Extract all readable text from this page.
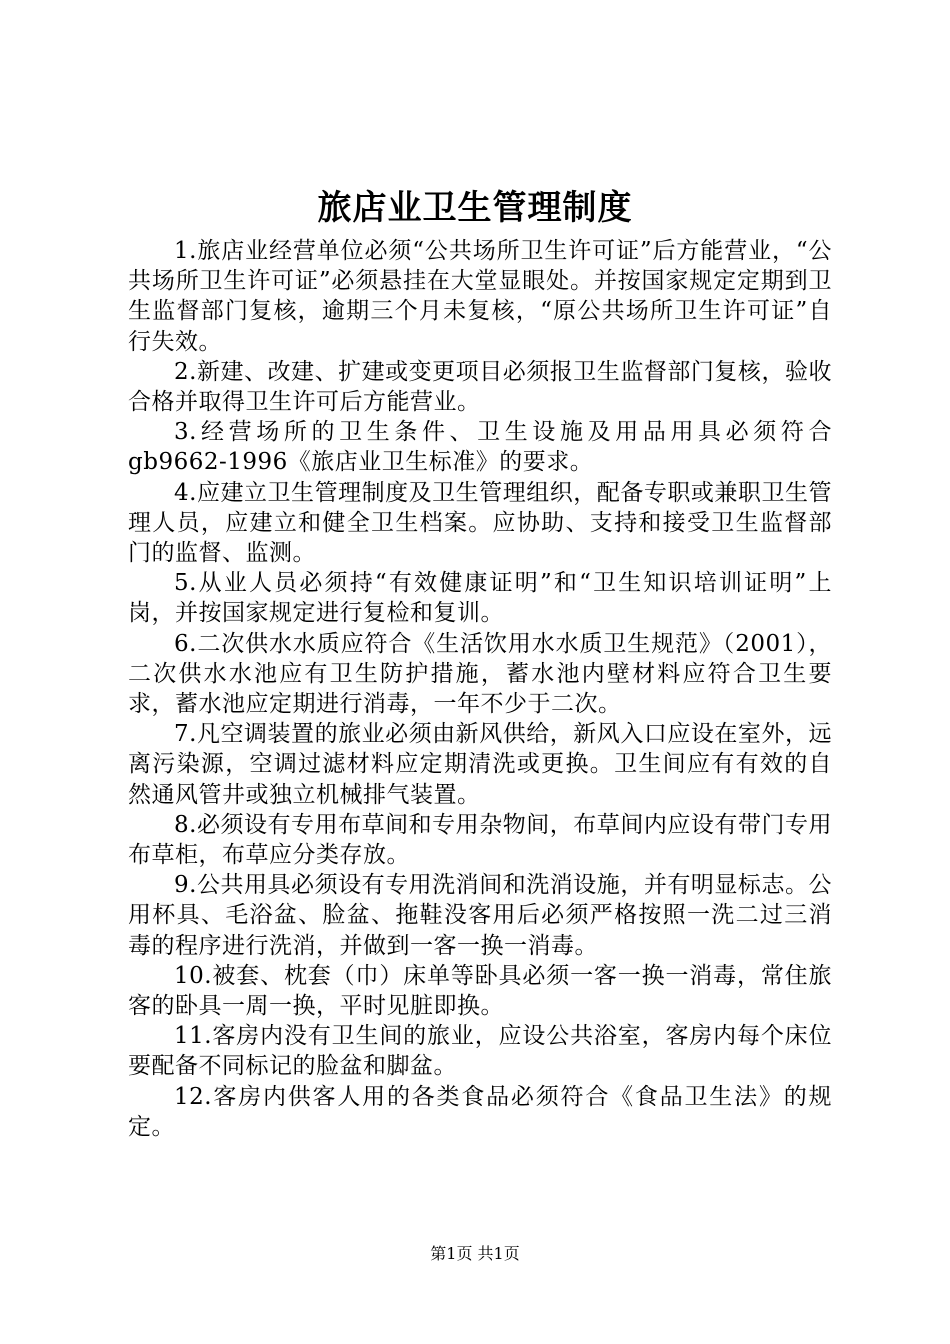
旅店业卫生管理制度

1.旅店业经营单位必须“公共场所卫生许可证”后方能营业，“公共场所卫生许可证”必须悬挂在大堂显眼处。并按国家规定定期到卫生监督部门复核，逾期三个月未复核，“原公共场所卫生许可证”自行失效。

2.新建、改建、扩建或变更项目必须报卫生监督部门复核，验收合格并取得卫生许可后方能营业。

3.经营场所的卫生条件、卫生设施及用品用具必须符合gb9662-1996《旅店业卫生标准》的要求。

4.应建立卫生管理制度及卫生管理组织，配备专职或兼职卫生管理人员，应建立和健全卫生档案。应协助、支持和接受卫生监督部门的监督、监测。

5.从业人员必须持“有效健康证明”和“卫生知识培训证明”上岗，并按国家规定进行复检和复训。

6.二次供水水质应符合《生活饮用水水质卫生规范》（2001），二次供水水池应有卫生防护措施，蓄水池内壁材料应符合卫生要求，蓄水池应定期进行消毒，一年不少于二次。

7.凡空调装置的旅业必须由新风供给，新风入口应设在室外，远离污染源，空调过滤材料应定期清洗或更换。卫生间应有有效的自然通风管井或独立机械排气装置。

8.必须设有专用布草间和专用杂物间，布草间内应设有带门专用布草柜，布草应分类存放。

9.公共用具必须设有专用洗消间和洗消设施，并有明显标志。公用杯具、毛浴盆、脸盆、拖鞋没客用后必须严格按照一洗二过三消毒的程序进行洗消，并做到一客一换一消毒。

10.被套、枕套（巾）床单等卧具必须一客一换一消毒，常住旅客的卧具一周一换，平时见脏即换。

11.客房内没有卫生间的旅业，应设公共浴室，客房内每个床位要配备不同标记的脸盆和脚盆。

12.客房内供客人用的各类食品必须符合《食品卫生法》的规定。

第1页 共1页
